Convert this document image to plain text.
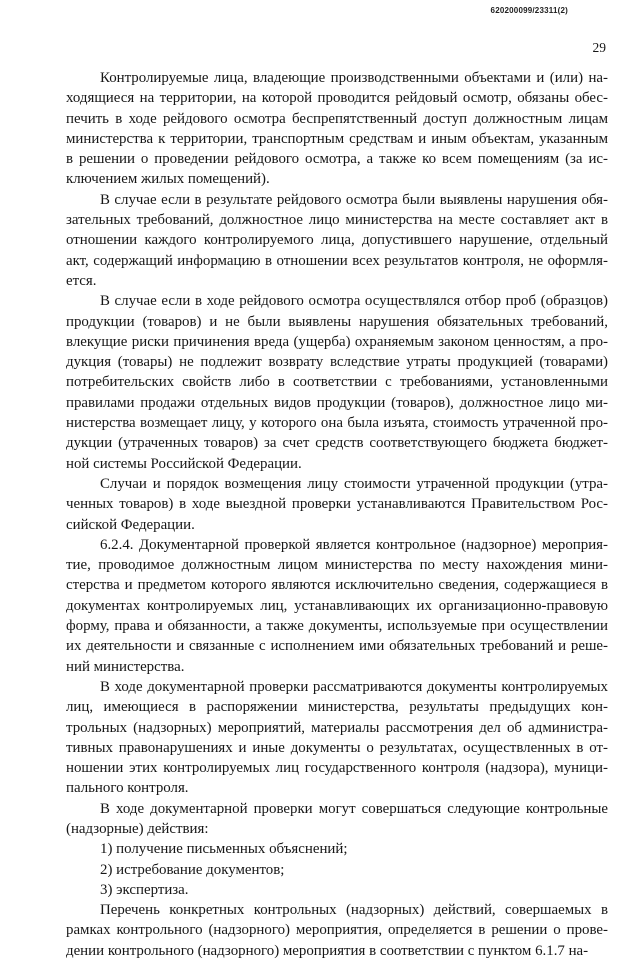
620200099/23311(2)
29

Контролируемые лица, владеющие производственными объектами и (или) находящиеся на территории, на которой проводится рейдовый осмотр, обязаны обеспечить в ходе рейдового осмотра беспрепятственный доступ должностным лицам министерства к территории, транспортным средствам и иным объектам, указанным в решении о проведении рейдового осмотра, а также ко всем помещениям (за исключением жилых помещений).

В случае если в результате рейдового осмотра были выявлены нарушения обязательных требований, должностное лицо министерства на месте составляет акт в отношении каждого контролируемого лица, допустившего нарушение, отдельный акт, содержащий информацию в отношении всех результатов контроля, не оформляется.

В случае если в ходе рейдового осмотра осуществлялся отбор проб (образцов) продукции (товаров) и не были выявлены нарушения обязательных требований, влекущие риски причинения вреда (ущерба) охраняемым законом ценностям, а продукция (товары) не подлежит возврату вследствие утраты продукцией (товарами) потребительских свойств либо в соответствии с требованиями, установленными правилами продажи отдельных видов продукции (товаров), должностное лицо министерства возмещает лицу, у которого она была изъята, стоимость утраченной продукции (утраченных товаров) за счет средств соответствующего бюджета бюджетной системы Российской Федерации.

Случаи и порядок возмещения лицу стоимости утраченной продукции (утраченных товаров) в ходе выездной проверки устанавливаются Правительством Российской Федерации.

6.2.4. Документарной проверкой является контрольное (надзорное) мероприятие, проводимое должностным лицом министерства по месту нахождения министерства и предметом которого являются исключительно сведения, содержащиеся в документах контролируемых лиц, устанавливающих их организационно-правовую форму, права и обязанности, а также документы, используемые при осуществлении их деятельности и связанные с исполнением ими обязательных требований и решений министерства.

В ходе документарной проверки рассматриваются документы контролируемых лиц, имеющиеся в распоряжении министерства, результаты предыдущих контрольных (надзорных) мероприятий, материалы рассмотрения дел об административных правонарушениях и иные документы о результатах, осуществленных в отношении этих контролируемых лиц государственного контроля (надзора), муниципального контроля.

В ходе документарной проверки могут совершаться следующие контрольные (надзорные) действия:

1) получение письменных объяснений;

2) истребование документов;

3) экспертиза.

Перечень конкретных контрольных (надзорных) действий, совершаемых в рамках контрольного (надзорного) мероприятия, определяется в решении о проведении контрольного (надзорного) мероприятия в соответствии с пунктом 6.1.7 на-
